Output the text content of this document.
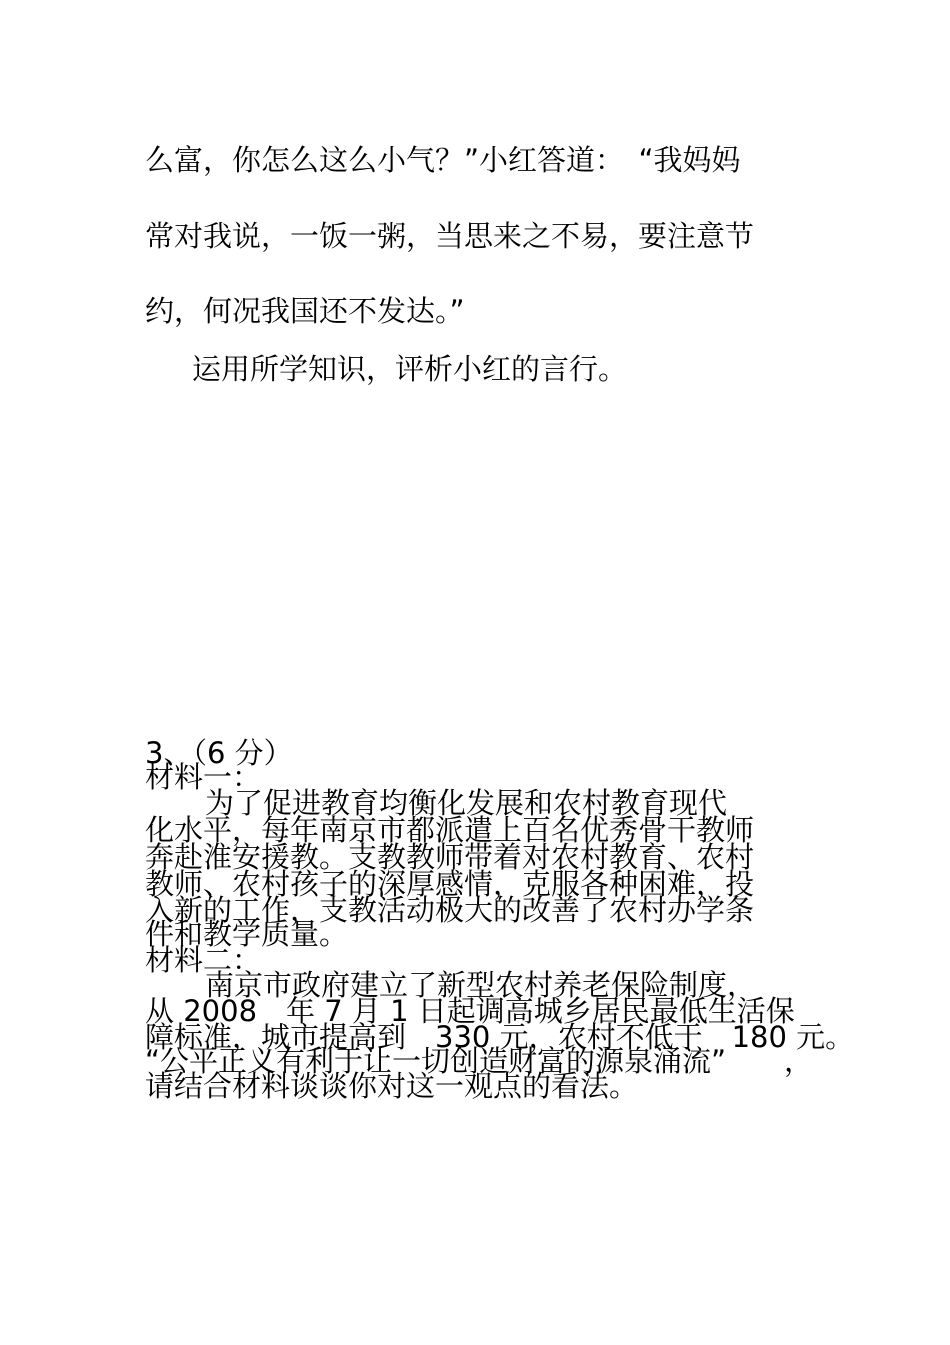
么富，你怎么这么小气？”小红答道：　“我妈妈

常对我说，一饭一粥，当思来之不易，要注意节

约，何况我国还不发达。”

运用所学知识，评析小红的言行。

3、（6 分）

材料一：

为了促进教育均衡化发展和农村教育现代

化水平，每年南京市都派遣上百名优秀骨干教师

奔赴淮安援教。支教教师带着对农村教育、农村

教师、农村孩子的深厚感情，克服各种困难，投

入新的工作，支教活动极大的改善了农村办学条

件和教学质量。

材料二：

南京市政府建立了新型农村养老保险制度，

从 2008　年 7 月 1 日起调高城乡居民最低生活保

障标准，城市提高到　330 元，农村不低于　180 元。

“公平正义有利于让一切创造财富的源泉涌流”　　，

请结合材料谈谈你对这一观点的看法。
